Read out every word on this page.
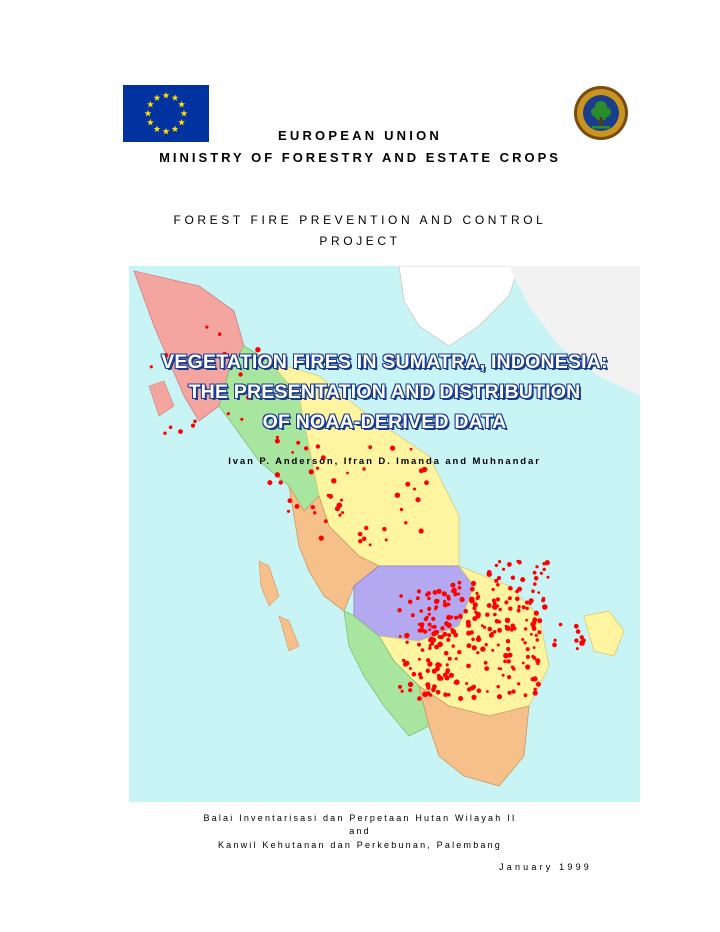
EUROPEAN UNION
MINISTRY OF FORESTRY AND ESTATE CROPS
FOREST FIRE PREVENTION AND CONTROL
PROJECT
VEGETATION FIRES IN SUMATRA, INDONESIA:
THE PRESENTATION AND DISTRIBUTION
OF NOAA-DERIVED DATA
Ivan P. Anderson, Ifran D. Imanda and Muhnandar
Balai Inventarisasi dan Perpetaan Hutan Wilayah II
and
Kanwil Kehutanan dan Perkebunan, Palembang
January 1999
